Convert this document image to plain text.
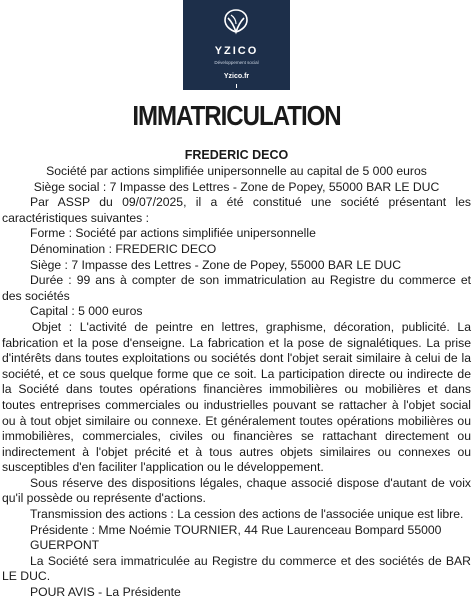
YZICO
Développement social
Yzico.fr
IMMATRICULATION
FREDERIC DECO

Société par actions simplifiée unipersonnelle au capital de 5 000 euros

Siège social : 7 Impasse des Lettres - Zone de Popey, 55000 BAR LE DUC

Par ASSP du 09/07/2025, il a été constitué une société présentant les caractéristiques suivantes :

Forme : Société par actions simplifiée unipersonnelle

Dénomination : FREDERIC DECO

Siège : 7 Impasse des Lettres - Zone de Popey, 55000 BAR LE DUC

Durée : 99 ans à compter de son immatriculation au Registre du commerce et des sociétés

Capital : 5 000 euros

Objet : L'activité de peintre en lettres, graphisme, décoration, publicité. La fabrication et la pose d'enseigne. La fabrication et la pose de signalétiques. La prise d'intérêts dans toutes exploitations ou sociétés dont l'objet serait similaire à celui de la société, et ce sous quelque forme que ce soit. La participation directe ou indirecte de la Société dans toutes opérations financières immobilières ou mobilières et dans toutes entreprises commerciales ou industrielles pouvant se rattacher à l'objet social ou à tout objet similaire ou connexe. Et généralement toutes opérations mobilières ou immobilières, commerciales, civiles ou financières se rattachant directement ou indirectement à l'objet précité et à tous autres objets similaires ou connexes ou susceptibles d'en faciliter l'application ou le développement.

Sous réserve des dispositions légales, chaque associé dispose d'autant de voix qu'il possède ou représente d'actions.

Transmission des actions : La cession des actions de l'associée unique est libre.

Présidente : Mme Noémie TOURNIER, 44 Rue Laurenceau Bompard 55000 GUERPONT

La Société sera immatriculée au Registre du commerce et des sociétés de BAR LE DUC.

POUR AVIS - La Présidente
